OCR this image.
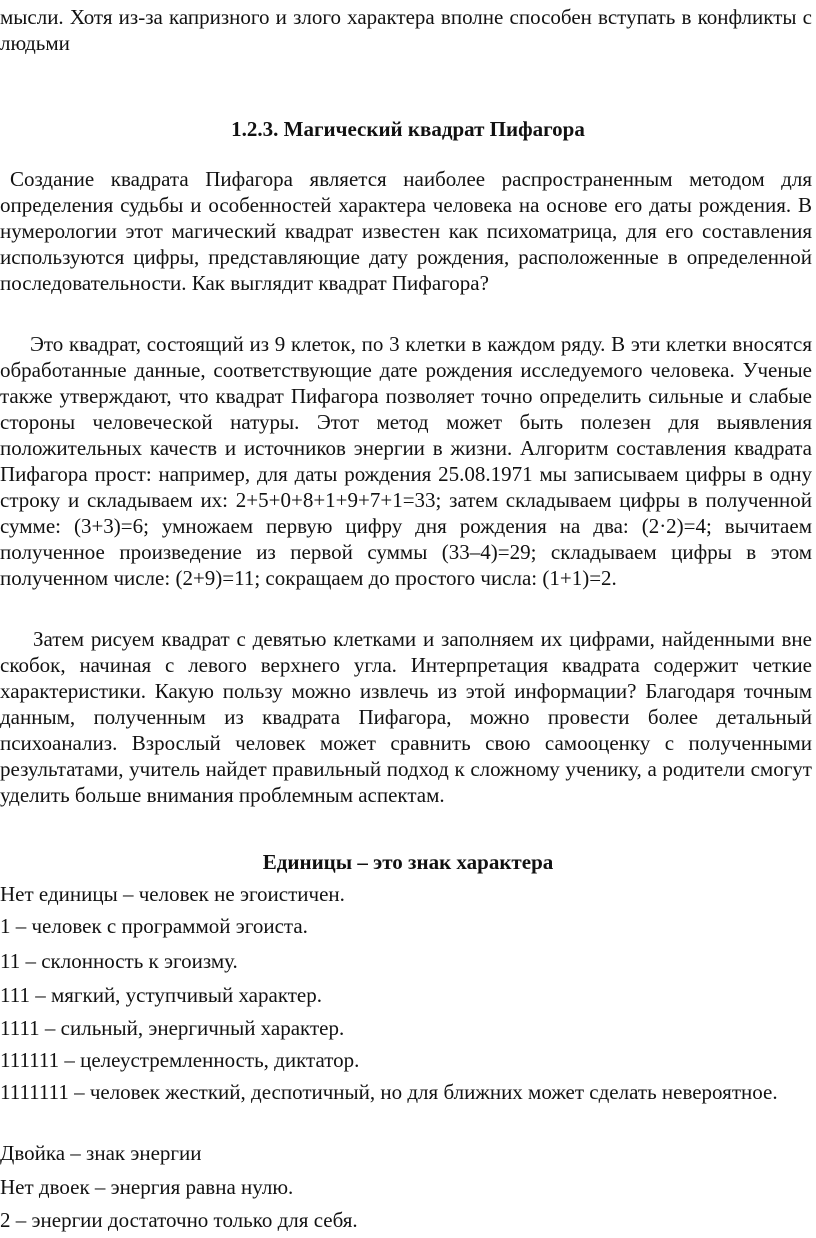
мысли. Хотя из-за капризного и злого характера вполне способен вступать в конфликты с людьми
1.2.3. Магический квадрат Пифагора
Создание квадрата Пифагора является наиболее распространенным методом для определения судьбы и особенностей характера человека на основе его даты рождения. В нумерологии этот магический квадрат известен как психоматрица, для его составления используются цифры, представляющие дату рождения, расположенные в определенной последовательности. Как выглядит квадрат Пифагора?
Это квадрат, состоящий из 9 клеток, по 3 клетки в каждом ряду. В эти клетки вносятся обработанные данные, соответствующие дате рождения исследуемого человека. Ученые также утверждают, что квадрат Пифагора позволяет точно определить сильные и слабые стороны человеческой натуры. Этот метод может быть полезен для выявления положительных качеств и источников энергии в жизни. Алгоритм составления квадрата Пифагора прост: например, для даты рождения 25.08.1971 мы записываем цифры в одну строку и складываем их: 2+5+0+8+1+9+7+1=33; затем складываем цифры в полученной сумме: (3+3)=6; умножаем первую цифру дня рождения на два: (2·2)=4; вычитаем полученное произведение из первой суммы (33–4)=29; складываем цифры в этом полученном числе: (2+9)=11; сокращаем до простого числа: (1+1)=2.
Затем рисуем квадрат с девятью клетками и заполняем их цифрами, найденными вне скобок, начиная с левого верхнего угла. Интерпретация квадрата содержит четкие характеристики. Какую пользу можно извлечь из этой информации? Благодаря точным данным, полученным из квадрата Пифагора, можно провести более детальный психоанализ. Взрослый человек может сравнить свою самооценку с полученными результатами, учитель найдет правильный подход к сложному ученику, а родители смогут уделить больше внимания проблемным аспектам.
Единицы – это знак характера
Нет единицы – человек не эгоистичен.
1 – человек с программой эгоиста.
11 – склонность к эгоизму.
111 – мягкий, уступчивый характер.
1111 – сильный, энергичный характер.
111111 – целеустремленность, диктатор.
1111111 – человек жесткий, деспотичный, но для ближних может сделать невероятное.
Двойка – знак энергии
Нет двоек – энергия равна нулю.
2 – энергии достаточно только для себя.
